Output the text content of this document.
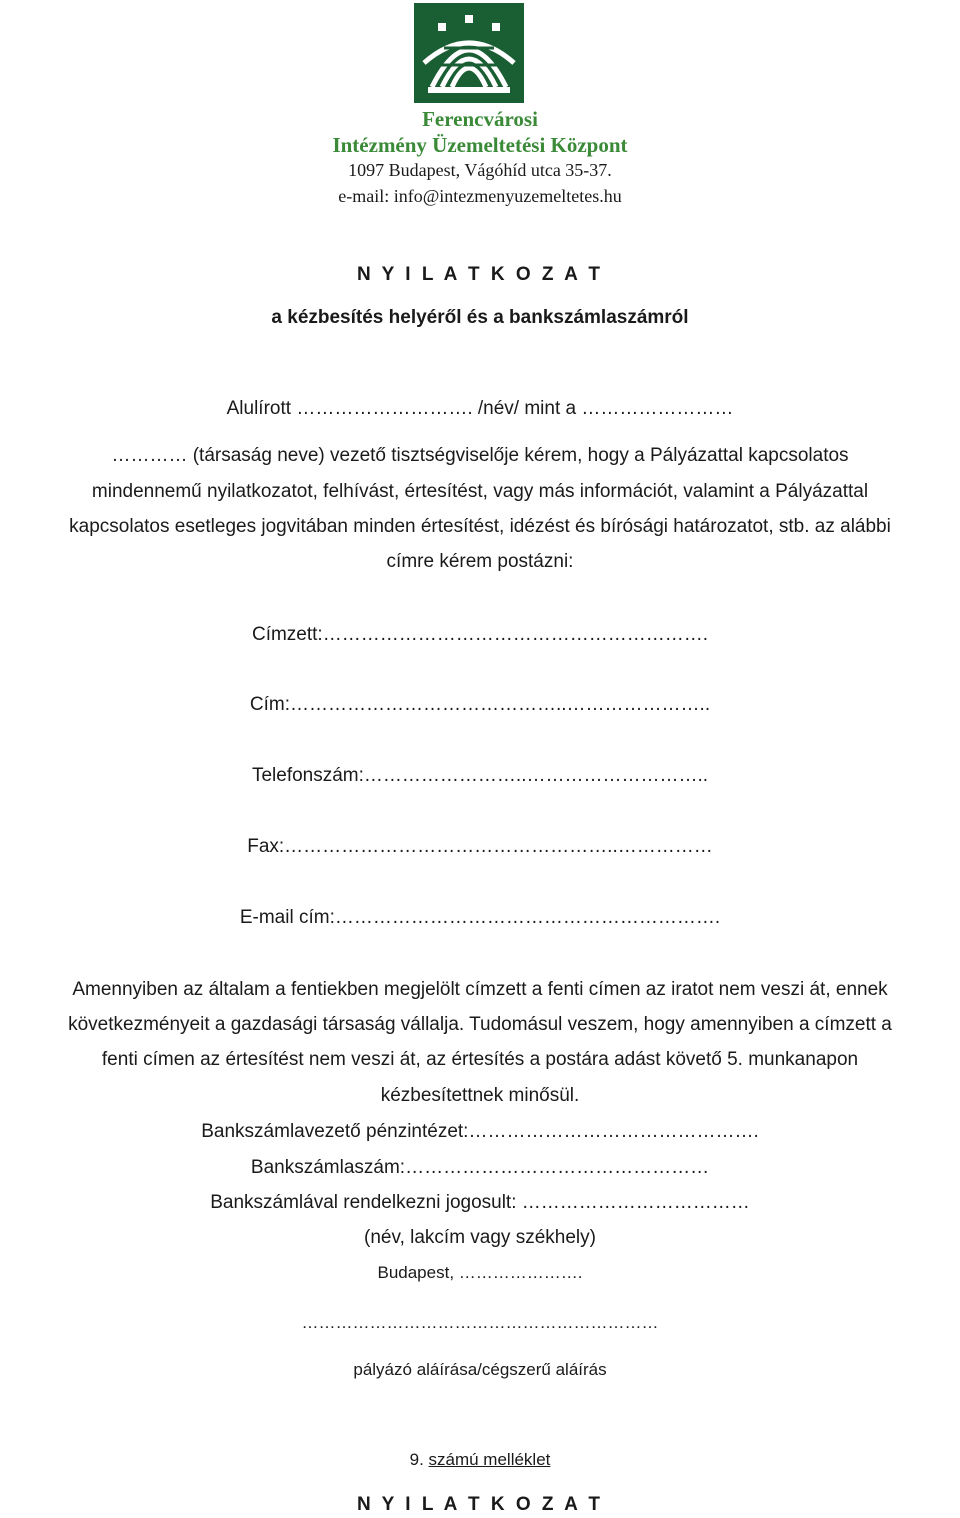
Ferencvárosi
Intézmény Üzemeltetési Központ
1097 Budapest, Vágóhíd utca 35-37.
e-mail: info@intezmenyuzemeltetes.hu
N Y I L A T K O Z A T
a kézbesítés helyéről és a bankszámlaszámról
Alulírott ………………………. /név/ mint a ……………………
………… (társaság neve) vezető tisztségviselője kérem, hogy a Pályázattal kapcsolatos
mindennemű nyilatkozatot, felhívást, értesítést, vagy más információt, valamint a Pályázattal
kapcsolatos esetleges jogvitában minden értesítést, idézést és bírósági határozatot, stb. az alábbi
címre kérem postázni:
Címzett:…………………………………………………….
Cím:……………………………………..…………………..
Telefonszám:……………………..………………………..
Fax:……………………………………………..……………
E-mail cím:…………………………………………………….
Amennyiben az általam a fentiekben megjelölt címzett a fenti címen az iratot nem veszi át, ennek
következményeit a gazdasági társaság vállalja. Tudomásul veszem, hogy amennyiben a címzett a
fenti címen az értesítést nem veszi át, az értesítés a postára adást követő 5. munkanapon
kézbesítettnek minősül.
Bankszámlavezető pénzintézet:……………………………………….
Bankszámlaszám:…………………………………………
Bankszámlával rendelkezni jogosult: ………………………………
(név, lakcím vagy székhely)
Budapest, ………………….
………………………………………………………
pályázó aláírása/cégszerű aláírás
9. számú melléklet
N Y I L A T K O Z A T
